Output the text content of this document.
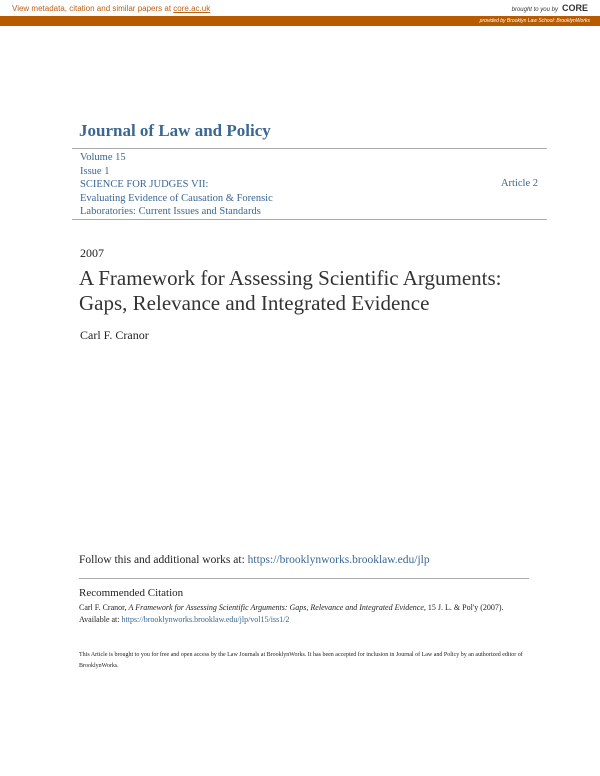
View metadata, citation and similar papers at core.ac.uk	brought to you by CORE
provided by Brooklyn Law School: BrooklynWorks
Journal of Law and Policy
Volume 15
Issue 1
SCIENCE FOR JUDGES VII:
Evaluating Evidence of Causation & Forensic
Laboratories: Current Issues and Standards
Article 2
2007
A Framework for Assessing Scientific Arguments: Gaps, Relevance and Integrated Evidence
Carl F. Cranor
Follow this and additional works at: https://brooklynworks.brooklaw.edu/jlp
Recommended Citation
Carl F. Cranor, A Framework for Assessing Scientific Arguments: Gaps, Relevance and Integrated Evidence, 15 J. L. & Pol'y (2007).
Available at: https://brooklynworks.brooklaw.edu/jlp/vol15/iss1/2
This Article is brought to you for free and open access by the Law Journals at BrooklynWorks. It has been accepted for inclusion in Journal of Law and Policy by an authorized editor of BrooklynWorks.
